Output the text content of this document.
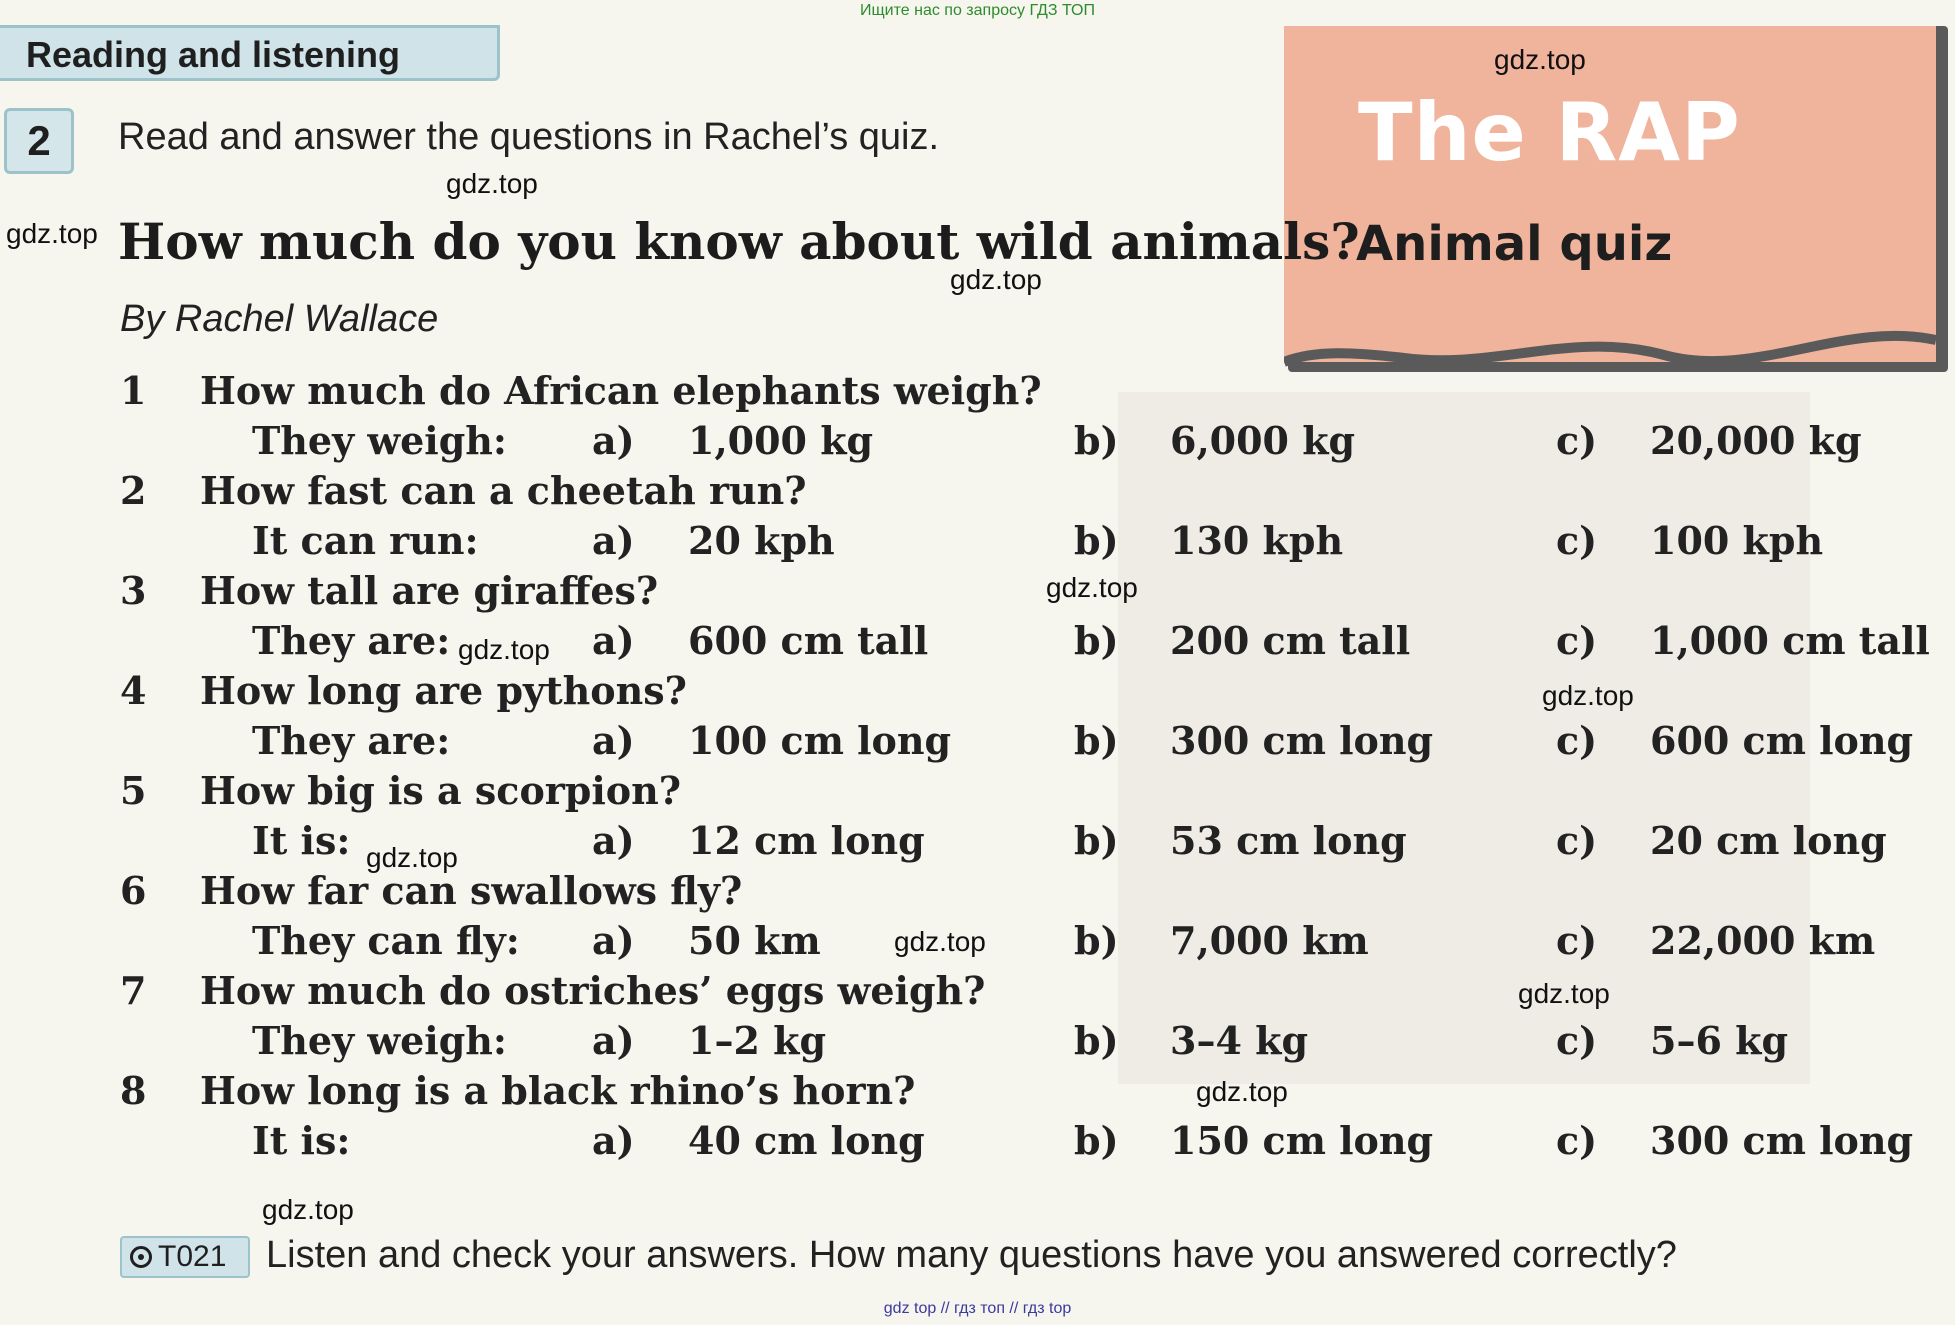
Ищите нас по запросу ГДЗ ТОП
Reading and listening
The RAP
Animal quiz
2	Read and answer the questions in Rachel’s quiz.
How much do you know about wild animals?
By Rachel Wallace
1 How much do African elephants weigh?
They weigh: a) 1,000 kg	b) 6,000 kg	c) 20,000 kg
2 How fast can a cheetah run?
It can run:	a) 20 kph	b) 130 kph	c) 100 kph
3 How tall are giraffes?
They are:	a) 600 cm tall	b) 200 cm tall	c) 1,000 cm tall
4 How long are pythons?
They are:	a) 100 cm long	b) 300 cm long	c) 600 cm long
5 How big is a scorpion?
It is:	a) 12 cm long	b) 53 cm long	c) 20 cm long
6 How far can swallows fly?
They can fly: a) 50 km	b) 7,000 km	c) 22,000 km
7 How much do ostriches’ eggs weigh?
They weigh: a) 1–2 kg	b) 3–4 kg	c) 5–6 kg
8 How long is a black rhino’s horn?
It is:	a) 40 cm long	b) 150 cm long	c) 300 cm long
T021	Listen and check your answers. How many questions have you answered correctly?
gdz.top
gdz.top
gdz.top
gdz.top
gdz.top
gdz.top
gdz.top
gdz.top
gdz.top
gdz.top
gdz.top
gdz.top
gdz top // гдз топ // гдз top
